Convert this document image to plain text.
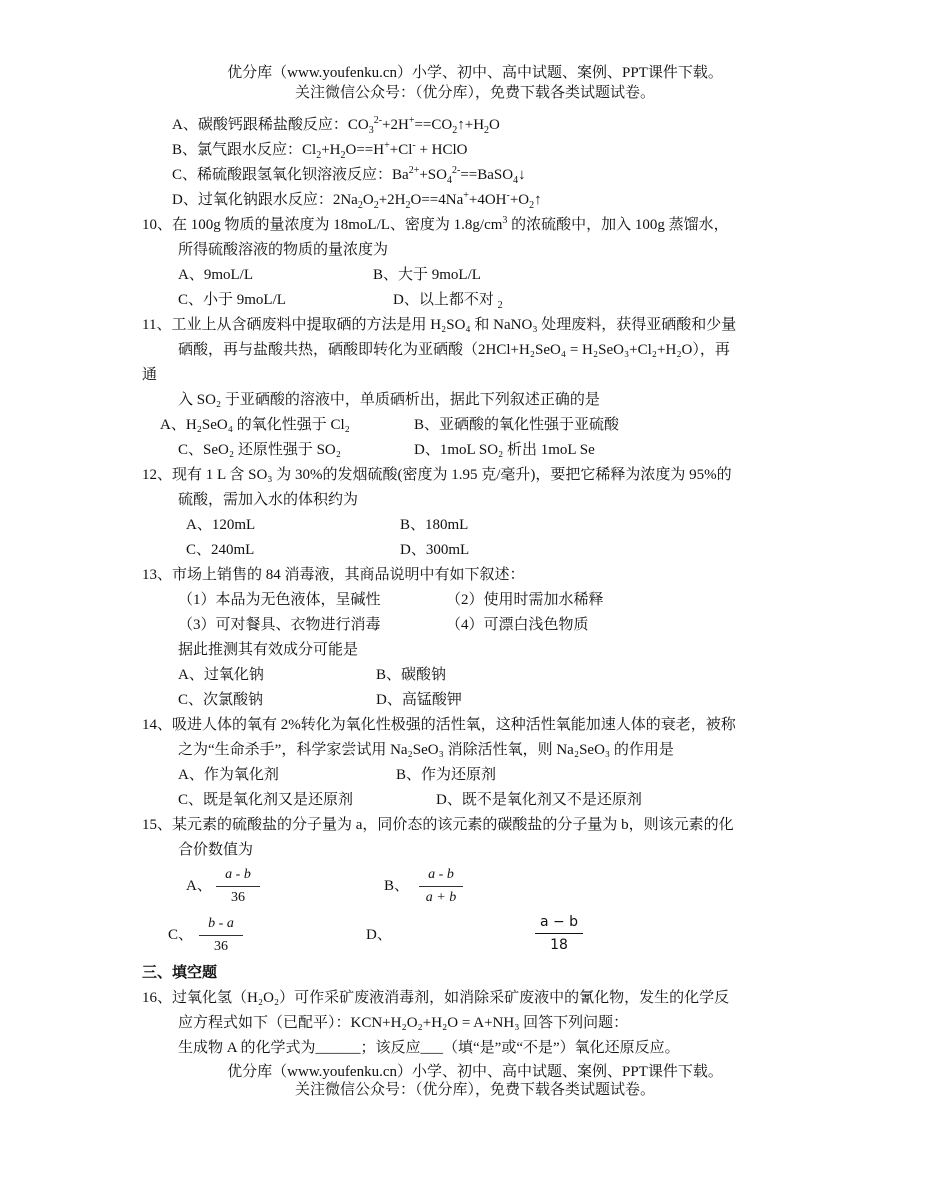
优分库（www.youfenku.cn）小学、初中、高中试题、案例、PPT课件下载。
关注微信公众号：（优分库），免费下载各类试题试卷。
A、碳酸钙跟稀盐酸反应：$CO_3^{2-}+2H^+==CO_2↑+H_2O$
B、氯气跟水反应：$Cl_2+H_2O==H^++Cl^-$ + HClO
C、稀硫酸跟氢氧化钡溶液反应：$Ba^{2+}+SO_4^{2-}==BaSO_4↓$
D、过氧化钠跟水反应：$2Na_2O_2+2H_2O==4Na^++4OH^-+O_2↑$
10、在 100g 物质的量浓度为 18moL/L、密度为 $1.8g/cm^3$ 的浓硫酸中，加入 100g 蒸馏水，
所得硫酸溶液的物质的量浓度为
A、9moL/L	B、大于 9moL/L
C、小于 9moL/L	D、以上都不对 $_2$
11、工业上从含硒废料中提取硒的方法是用 H₂SO₄ 和 NaNO₃ 处理废料，获得亚硒酸和少量
硒酸，再与盐酸共热，硒酸即转化为亚硒酸（2HCl+H₂SeO₄ = H₂SeO₃+Cl₂+H₂O），再
通
入 SO₂ 于亚硒酸的溶液中，单质硒析出，据此下列叙述正确的是
A、H₂SeO₄ 的氧化性强于 Cl₂	B、亚硒酸的氧化性强于亚硫酸
C、SeO₂ 还原性强于 SO₂	D、1moL SO₂ 析出 1moL Se
12、现有 1 L 含 SO₃ 为 30%的发烟硫酸(密度为 1.95 克/毫升)，要把它稀释为浓度为 95%的
硫酸，需加入水的体积约为
A、120mL	B、180mL
C、240mL	D、300mL
13、市场上销售的 84 消毒液，其商品说明中有如下叙述：
（1）本品为无色液体，呈碱性	（2）使用时需加水稀释
（3）可对餐具、衣物进行消毒	（4）可漂白浅色物质
据此推测其有效成分可能是
A、过氧化钠	B、碳酸钠
C、次氯酸钠	D、高锰酸钾
14、吸进人体的氧有 2%转化为氧化性极强的活性氧，这种活性氧能加速人体的衰老，被称
之为“生命杀手”，科学家尝试用 Na₂SeO₃ 消除活性氧，则 Na₂SeO₃ 的作用是
A、作为氧化剂	B、作为还原剂
C、既是氧化剂又是还原剂	D、既不是氧化剂又不是还原剂
15、某元素的硫酸盐的分子量为 a，同价态的该元素的碳酸盐的分子量为 b，则该元素的化
合价数值为
A、 $\frac{a - b}{36}$	B、 $\frac{a - b}{a + b}$
C、 $\frac{b - a}{36}$	D、	$\frac{a - b}{18}$
三、填空题
16、过氧化氢（H₂O₂）可作采矿废液消毒剂，如消除采矿废液中的氰化物，发生的化学反
应方程式如下（已配平）：KCN+H₂O₂+H₂O = A+NH₃ 回答下列问题：
生成物 A 的化学式为______；该反应___（填“是”或“不是”）氧化还原反应。
优分库（www.youfenku.cn）小学、初中、高中试题、案例、PPT课件下载。
关注微信公众号：（优分库），免费下载各类试题试卷。
